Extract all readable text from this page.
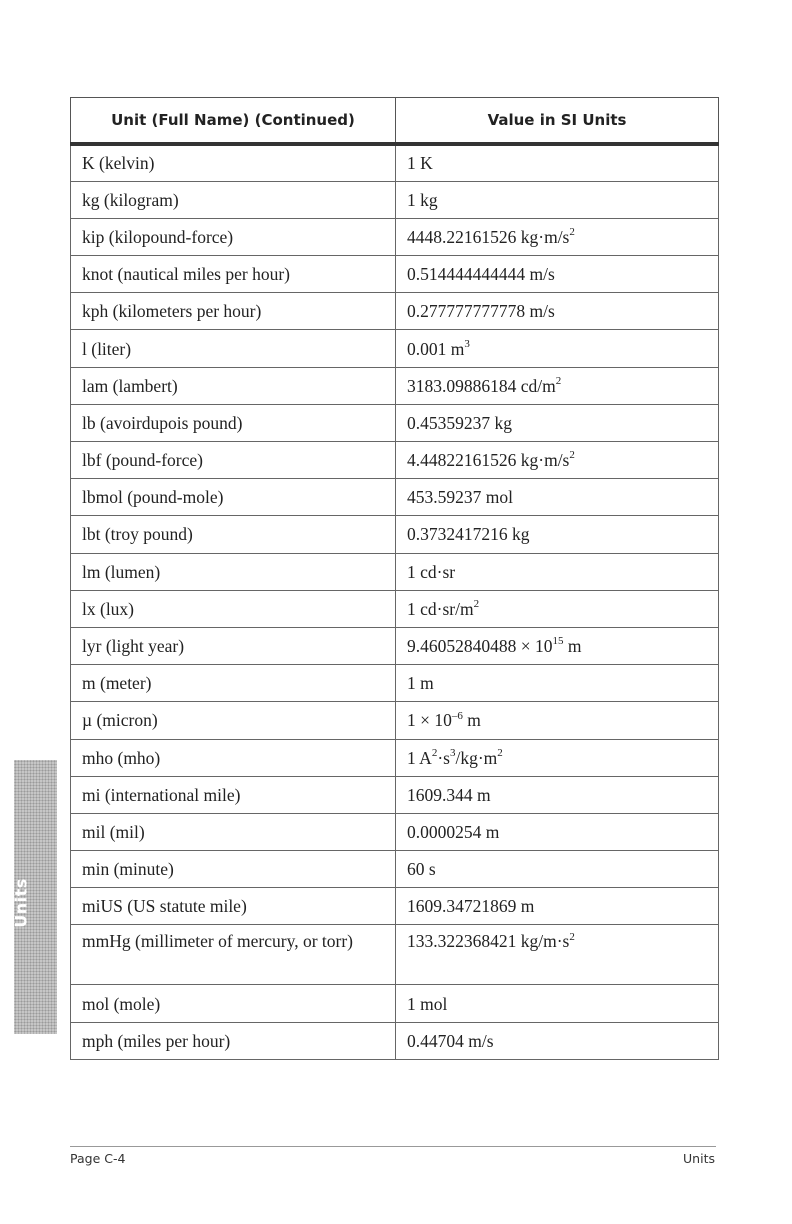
Unit (Full Name) (Continued)	Value in SI Units
K (kelvin)	1 K
kg (kilogram)	1 kg
kip (kilopound-force)	4448.22161526 $kg\cdot m/s^2$
knot (nautical miles per hour)	0.514444444444 m/s
kph (kilometers per hour)	0.277777777778 m/s
l (liter)	0.001 $m^3$
lam (lambert)	3183.09886184 $cd/m^2$
lb (avoirdupois pound)	0.45359237 kg
lbf (pound-force)	4.44822161526 $kg\cdot m/s^2$
lbmol (pound-mole)	453.59237 mol
lbt (troy pound)	0.3732417216 kg
lm (lumen)	1 cd·sr
lx (lux)	1 $cd\cdot sr/m^2$
lyr (light year)	$9.46052840488 \times 10^{15}$ m
m (meter)	1 m
µ (micron)	$1 \times 10^{-6}$ m
mho (mho)	1 $A^2\cdot s^3/kg\cdot m^2$
mi (international mile)	1609.344 m
mil (mil)	0.0000254 m
min (minute)	60 s
miUS (US statute mile)	1609.34721869 m
mmHg (millimeter of mercury, or torr)	133.322368421 $kg/m\cdot s^2$
mol (mole)	1 mol
mph (miles per hour)	0.44704 m/s
Units
Page C-4	Units
